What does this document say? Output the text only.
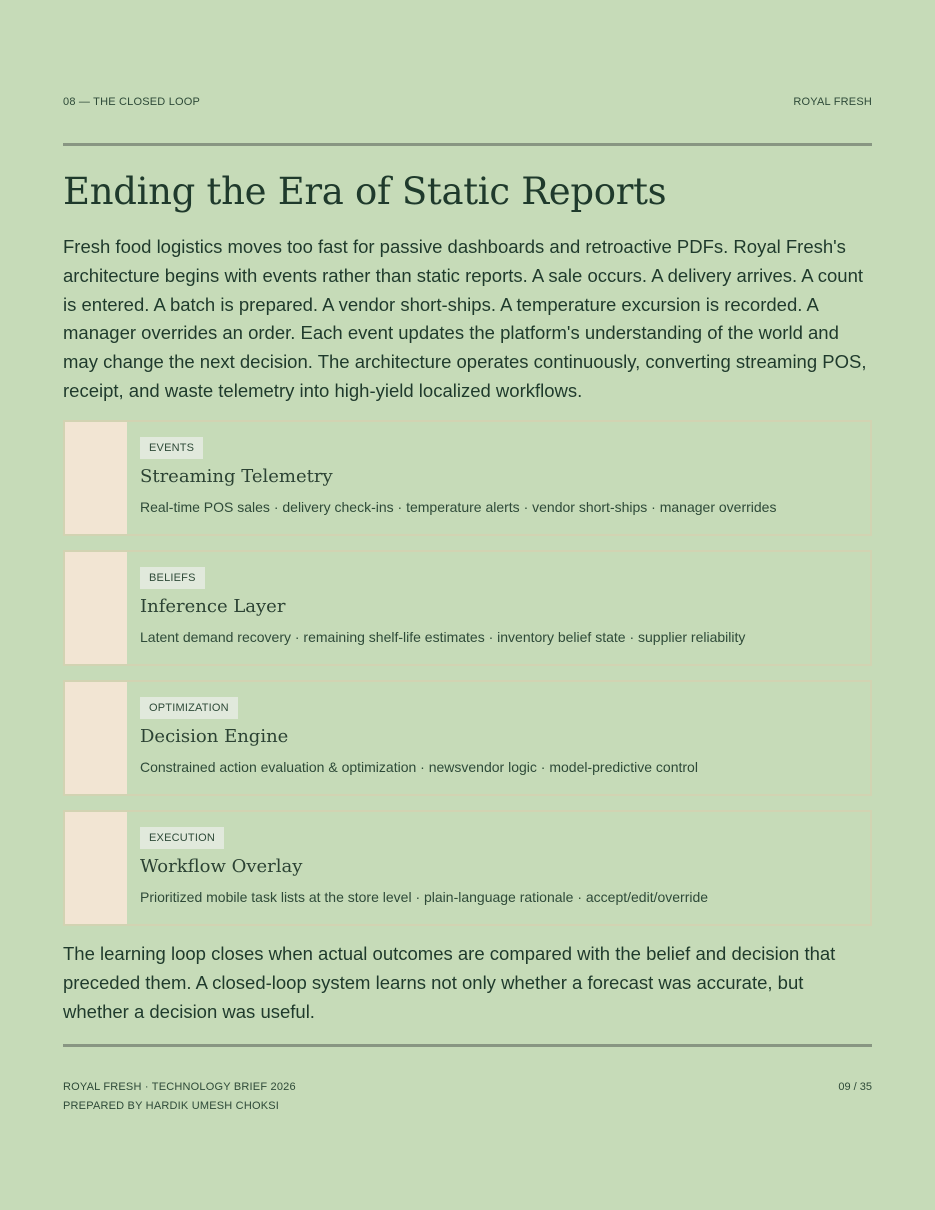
08 — THE CLOSED LOOP	ROYAL FRESH
Ending the Era of Static Reports

Fresh food logistics moves too fast for passive dashboards and retroactive PDFs. Royal Fresh's architecture begins with events rather than static reports. A sale occurs. A delivery arrives. A count is entered. A batch is prepared. A vendor short-ships. A temperature excursion is recorded. A manager overrides an order. Each event updates the platform's understanding of the world and may change the next decision. The architecture operates continuously, converting streaming POS, receipt, and waste telemetry into high-yield localized workflows.

EVENTS
Streaming Telemetry
Real-time POS sales · delivery check-ins · temperature alerts · vendor short-ships · manager overrides
BELIEFS
Inference Layer
Latent demand recovery · remaining shelf-life estimates · inventory belief state · supplier reliability
OPTIMIZATION
Decision Engine
Constrained action evaluation & optimization · newsvendor logic · model-predictive control
EXECUTION
Workflow Overlay
Prioritized mobile task lists at the store level · plain-language rationale · accept/edit/override

The learning loop closes when actual outcomes are compared with the belief and decision that preceded them. A closed-loop system learns not only whether a forecast was accurate, but whether a decision was useful.

ROYAL FRESH · TECHNOLOGY BRIEF 2026
PREPARED BY HARDIK UMESH CHOKSI
09 / 35
